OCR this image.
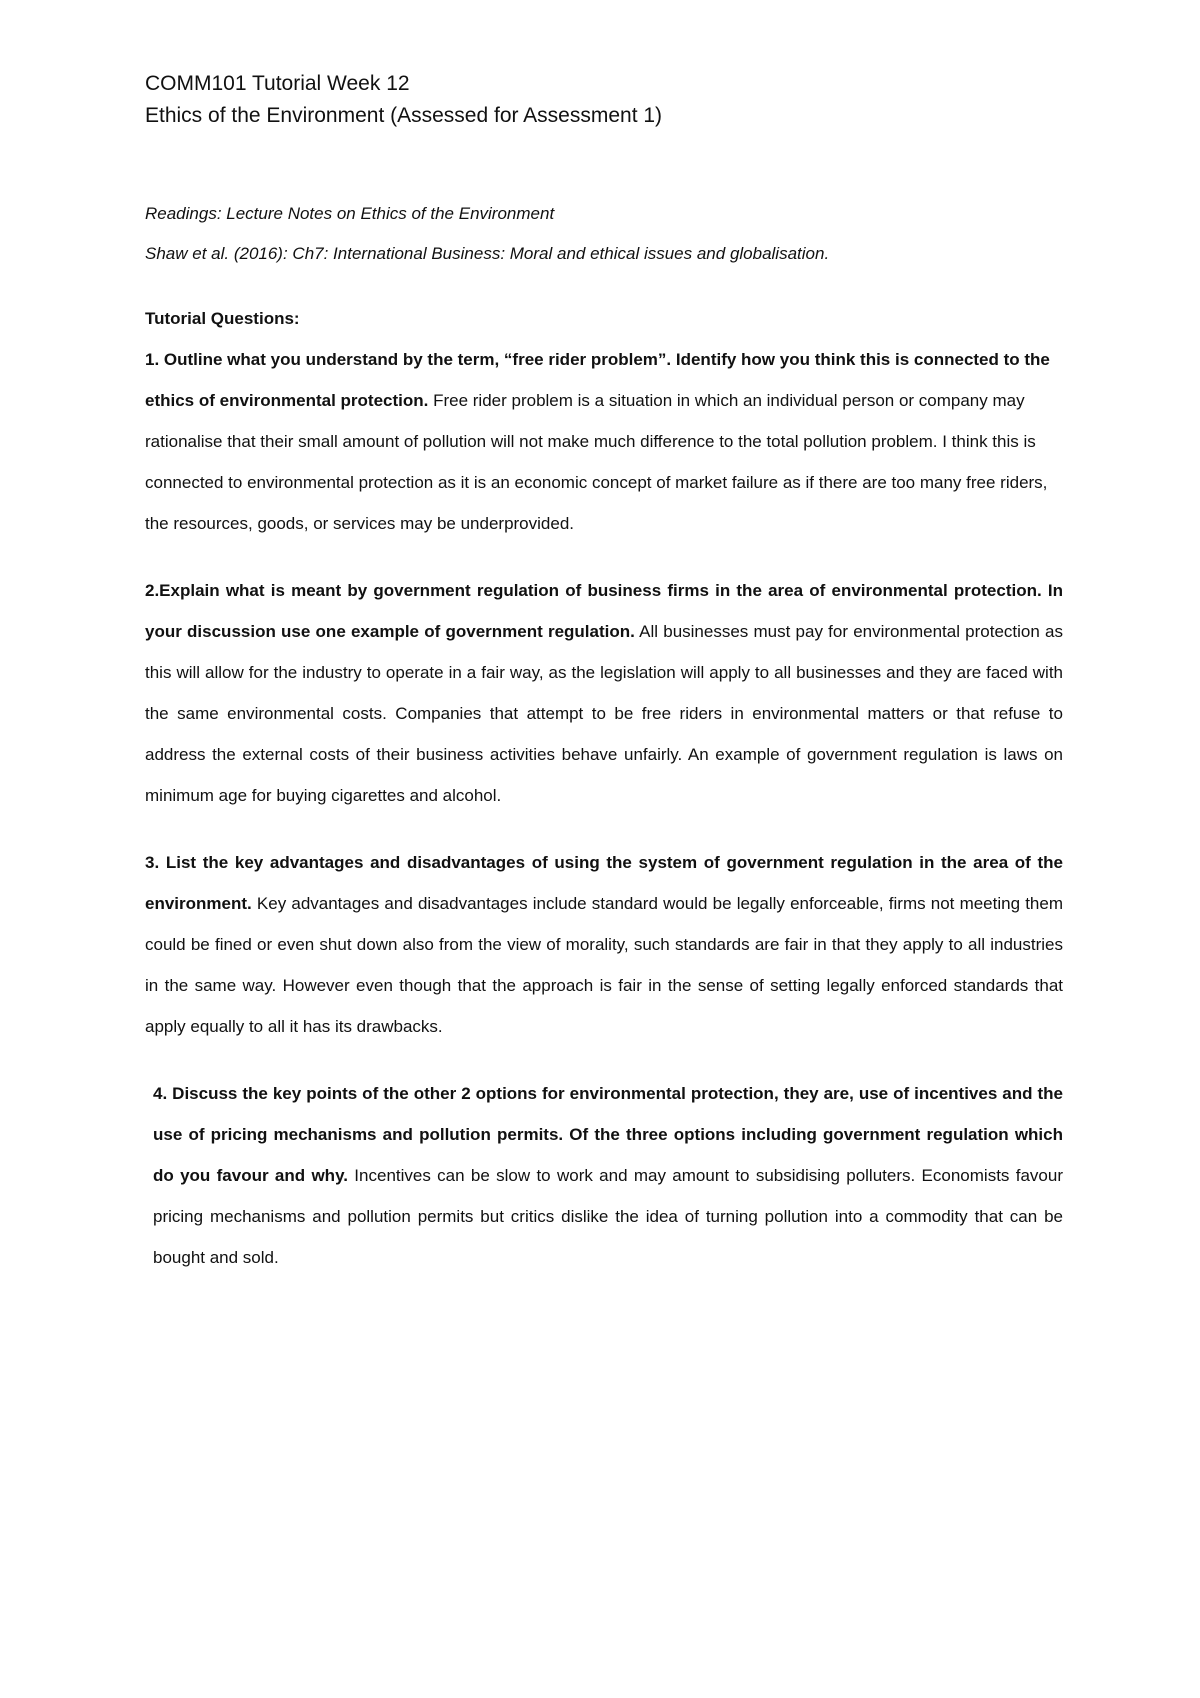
COMM101 Tutorial Week 12

Ethics of the Environment (Assessed for Assessment 1)

Readings: Lecture Notes on Ethics of the Environment

Shaw et al. (2016): Ch7: International Business: Moral and ethical issues and globalisation.

Tutorial Questions:

1. Outline what you understand by the term, “free rider problem”. Identify how you think this is connected to the ethics of environmental protection. Free rider problem is a situation in which an individual person or company may rationalise that their small amount of pollution will not make much difference to the total pollution problem. I think this is connected to environmental protection as it is an economic concept of market failure as if there are too many free riders, the resources, goods, or services may be underprovided.

2.Explain what is meant by government regulation of business firms in the area of environmental protection. In your discussion use one example of government regulation. All businesses must pay for environmental protection as this will allow for the industry to operate in a fair way, as the legislation will apply to all businesses and they are faced with the same environmental costs. Companies that attempt to be free riders in environmental matters or that refuse to address the external costs of their business activities behave unfairly. An example of government regulation is laws on minimum age for buying cigarettes and alcohol.

3. List the key advantages and disadvantages of using the system of government regulation in the area of the environment. Key advantages and disadvantages include standard would be legally enforceable, firms not meeting them could be fined or even shut down also from the view of morality, such standards are fair in that they apply to all industries in the same way. However even though that the approach is fair in the sense of setting legally enforced standards that apply equally to all it has its drawbacks.

4. Discuss the key points of the other 2 options for environmental protection, they are, use of incentives and the use of pricing mechanisms and pollution permits. Of the three options including government regulation which do you favour and why. Incentives can be slow to work and may amount to subsidising polluters. Economists favour pricing mechanisms and pollution permits but critics dislike the idea of turning pollution into a commodity that can be bought and sold.
